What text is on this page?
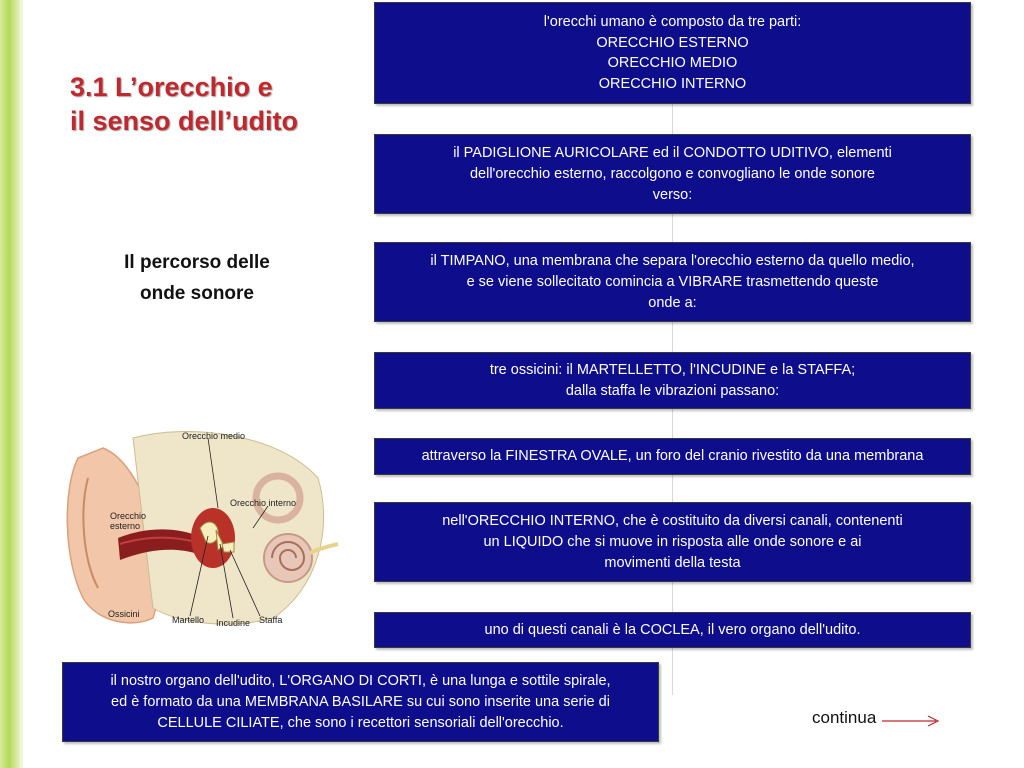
3.1 L’orecchio e
il senso dell’udito
Il percorso delle
onde sonore
l'orecchi umano è composto da tre parti:
ORECCHIO ESTERNO
ORECCHIO MEDIO
ORECCHIO INTERNO
il PADIGLIONE AURICOLARE ed il CONDOTTO UDITIVO, elementi
dell'orecchio esterno, raccolgono e convogliano le onde sonore
verso:
il TIMPANO, una membrana che separa l'orecchio esterno da quello medio,
e se viene sollecitato comincia a VIBRARE trasmettendo queste
onde a:
tre ossicini: il MARTELLETTO, l'INCUDINE e la STAFFA;
dalla staffa le vibrazioni passano:
attraverso la FINESTRA OVALE, un foro del cranio rivestito da una membrana
nell'ORECCHIO INTERNO, che è costituito da diversi canali, contenenti
un LIQUIDO che si muove in risposta alle onde sonore e ai
movimenti della testa
uno di questi canali è la COCLEA, il vero organo dell'udito.
il nostro organo dell'udito, L'ORGANO DI CORTI, è una lunga e sottile spirale,
ed è formato da una MEMBRANA BASILARE su cui sono inserite una serie di
CELLULE CILIATE, che sono i recettori sensoriali dell'orecchio.
Orecchio medio
Orecchio
esterno
Orecchio interno
Ossicini
Martello Incudine Staffa
continua
